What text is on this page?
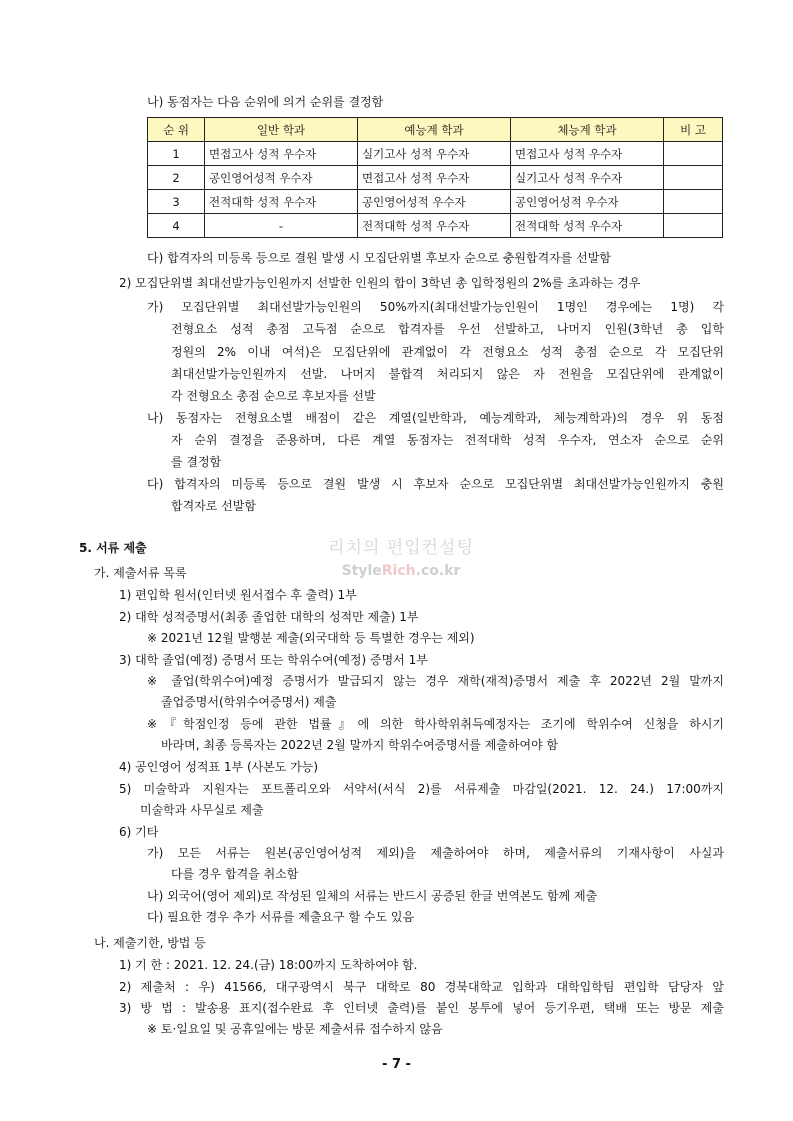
나) 동점자는 다음 순위에 의거 순위를 결정함
순 위	일반 학과	예능계 학과	체능계 학과	비 고
1	면접고사 성적 우수자	실기고사 성적 우수자	면접고사 성적 우수자	
2	공인영어성적 우수자	면접고사 성적 우수자	실기고사 성적 우수자	
3	전적대학 성적 우수자	공인영어성적 우수자	공인영어성적 우수자	
4	-	전적대학 성적 우수자	전적대학 성적 우수자	
다) 합격자의 미등록 등으로 결원 발생 시 모집단위별 후보자 순으로 충원합격자를 선발함
2) 모집단위별 최대선발가능인원까지 선발한 인원의 합이 3학년 총 입학정원의 2%를 초과하는 경우
가) 모집단위별 최대선발가능인원의 50%까지(최대선발가능인원이 1명인 경우에는 1명) 각
전형요소 성적 총점 고득점 순으로 합격자를 우선 선발하고, 나머지 인원(3학년 총 입학
정원의 2% 이내 여석)은 모집단위에 관계없이 각 전형요소 성적 총점 순으로 각 모집단위
최대선발가능인원까지 선발. 나머지 불합격 처리되지 않은 자 전원을 모집단위에 관계없이
각 전형요소 총점 순으로 후보자를 선발
나) 동점자는 전형요소별 배점이 같은 계열(일반학과, 예능계학과, 체능계학과)의 경우 위 동점
자 순위 결정을 준용하며, 다른 계열 동점자는 전적대학 성적 우수자, 연소자 순으로 순위
를 결정함
다) 합격자의 미등록 등으로 결원 발생 시 후보자 순으로 모집단위별 최대선발가능인원까지 충원
합격자로 선발함
5. 서류 제출	리치의 편입컨설팅
StyleRich.co.kr
가. 제출서류 목록
1) 편입학 원서(인터넷 원서접수 후 출력) 1부
2) 대학 성적증명서(최종 졸업한 대학의 성적만 제출) 1부
※ 2021년 12월 발행분 제출(외국대학 등 특별한 경우는 제외)
3) 대학 졸업(예정) 증명서 또는 학위수여(예정) 증명서 1부
※ 졸업(학위수여)예정 증명서가 발급되지 않는 경우 재학(재적)증명서 제출 후 2022년 2월 말까지
졸업증명서(학위수여증명서) 제출
※『학점인정 등에 관한 법률』에 의한 학사학위취득예정자는 조기에 학위수여 신청을 하시기
바라며, 최종 등록자는 2022년 2월 말까지 학위수여증명서를 제출하여야 함
4) 공인영어 성적표 1부 (사본도 가능)
5) 미술학과 지원자는 포트폴리오와 서약서(서식 2)를 서류제출 마감일(2021. 12. 24.) 17:00까지
미술학과 사무실로 제출
6) 기타
가) 모든 서류는 원본(공인영어성적 제외)을 제출하여야 하며, 제출서류의 기재사항이 사실과
다를 경우 합격을 취소함
나) 외국어(영어 제외)로 작성된 일체의 서류는 반드시 공증된 한글 번역본도 함께 제출
다) 필요한 경우 추가 서류를 제출요구 할 수도 있음
나. 제출기한, 방법 등
1) 기 한 : 2021. 12. 24.(금) 18:00까지 도착하여야 함.
2) 제출처 : 우) 41566, 대구광역시 북구 대학로 80 경북대학교 입학과 대학입학팀 편입학 담당자 앞
3) 방 법 : 발송용 표지(접수완료 후 인터넷 출력)를 붙인 봉투에 넣어 등기우편, 택배 또는 방문 제출
※ 토·일요일 및 공휴일에는 방문 제출서류 접수하지 않음
- 7 -
